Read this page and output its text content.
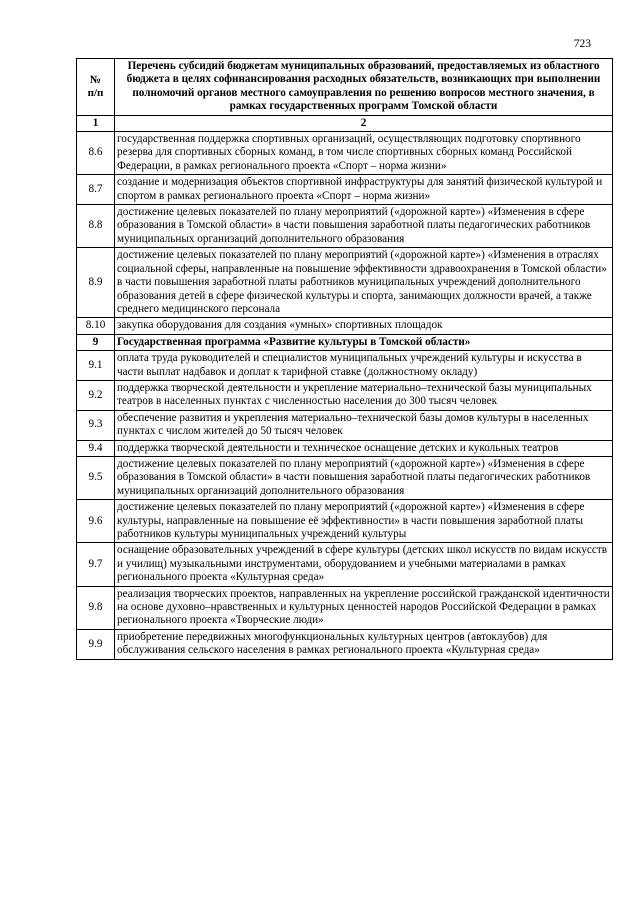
723
№
п/п	Перечень субсидий бюджетам муниципальных образований, предоставляемых из областного бюджета в целях софинансирования расходных обязательств, возникающих при выполнении полномочий органов местного самоуправления по решению вопросов местного значения, в рамках государственных программ Томской области
1	2
8.6	государственная поддержка спортивных организаций, осуществляющих подготовку спортивного резерва для спортивных сборных команд, в том числе спортивных сборных команд Российской Федерации, в рамках регионального проекта «Спорт – норма жизни»
8.7	создание и модернизация объектов спортивной инфраструктуры для занятий физической культурой и спортом в рамках регионального проекта «Спорт – норма жизни»
8.8	достижение целевых показателей по плану мероприятий («дорожной карте») «Изменения в сфере образования в Томской области» в части повышения заработной платы педагогических работников муниципальных организаций дополнительного образования
8.9	достижение целевых показателей по плану мероприятий («дорожной карте») «Изменения в отраслях социальной сферы, направленные на повышение эффективности здравоохранения в Томской области» в части повышения заработной платы работников муниципальных учреждений дополнительного образования детей в сфере физической культуры и спорта, занимающих должности врачей, а также среднего медицинского персонала
8.10	закупка оборудования для создания «умных» спортивных площадок
9	Государственная программа «Развитие культуры в Томской области»
9.1	оплата труда руководителей и специалистов муниципальных учреждений культуры и искусства в части выплат надбавок и доплат к тарифной ставке (должностному окладу)
9.2	поддержка творческой деятельности и укрепление материально–технической базы муниципальных театров в населенных пунктах с численностью населения до 300 тысяч человек
9.3	обеспечение развития и укрепления материально–технической базы домов культуры в населенных пунктах с числом жителей до 50 тысяч человек
9.4	поддержка творческой деятельности и техническое оснащение детских и кукольных театров
9.5	достижение целевых показателей по плану мероприятий («дорожной карте») «Изменения в сфере образования в Томской области» в части повышения заработной платы педагогических работников муниципальных организаций дополнительного образования
9.6	достижение целевых показателей по плану мероприятий («дорожной карте») «Изменения в сфере культуры, направленные на повышение её эффективности» в части повышения заработной платы работников культуры муниципальных учреждений культуры
9.7	оснащение образовательных учреждений в сфере культуры (детских школ искусств по видам искусств и училищ) музыкальными инструментами, оборудованием и учебными материалами в рамках регионального проекта «Культурная среда»
9.8	реализация творческих проектов, направленных на укрепление российской гражданской идентичности на основе духовно–нравственных и культурных ценностей народов Российской Федерации в рамках регионального проекта «Творческие люди»
9.9	приобретение передвижных многофункциональных культурных центров (автоклубов) для обслуживания сельского населения в рамках регионального проекта «Культурная среда»
